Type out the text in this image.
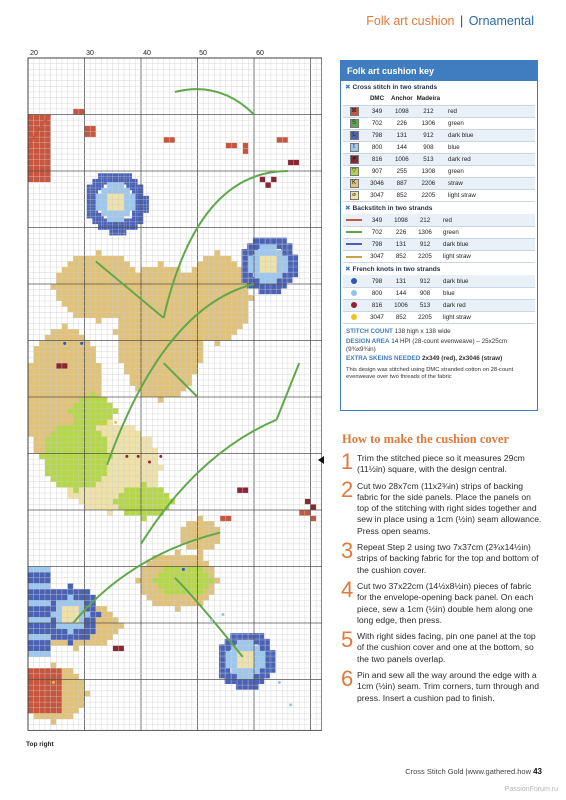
Folk art cushion | Ornamental
20	30	40	50	60
Top right
Folk art cushion key
✖ Cross stitch in two strands
	DMC	Anchor	Madeira	
⊠	349	1098	212	red
S	702	226	1306	green
L	798	131	912	dark blue
t	800	144	908	blue
♥	816	1006	513	dark red
▽	907	255	1308	green
K	3046	887	2206	straw
⌀	3047	852	2205	light straw
✖ Backstitch in two strands
	349	1098	212	red
	702	226	1306	green
	798	131	912	dark blue
	3047	852	2205	light straw
✖ French knots in two strands
	798	131	912	dark blue
	800	144	908	blue
	816	1006	513	dark red
	3047	852	2205	light straw

STITCH COUNT 138 high x 138 wide

DESIGN AREA 14 HPI (28-count evenweave) – 25x25cm (9¾x9¾in)

EXTRA SKEINS NEEDED 2x349 (red), 2x3046 (straw)

This design was stitched using DMC stranded cotton on 28-count evenweave over two threads of the fabric
How to make the cushion cover
1 Trim the stitched piece so it measures 29cm (11½in) square, with the design central.
2 Cut two 28x7cm (11x2¾in) strips of backing fabric for the side panels. Place the panels on top of the stitching with right sides together and sew in place using a 1cm (½in) seam allowance. Press open seams.
3 Repeat Step 2 using two 7x37cm (2¾x14½in) strips of backing fabric for the top and bottom of the cushion cover.
4 Cut two 37x22cm (14½x8½in) pieces of fabric for the envelope-opening back panel. On each piece, sew a 1cm (½in) double hem along one long edge, then press.
5 With right sides facing, pin one panel at the top of the cushion cover and one at the bottom, so the two panels overlap.
6 Pin and sew all the way around the edge with a 1cm (½in) seam. Trim corners, turn through and press. Insert a cushion pad to finish.
Cross Stitch Gold |www.gathered.how 43
PassionForum.ru
